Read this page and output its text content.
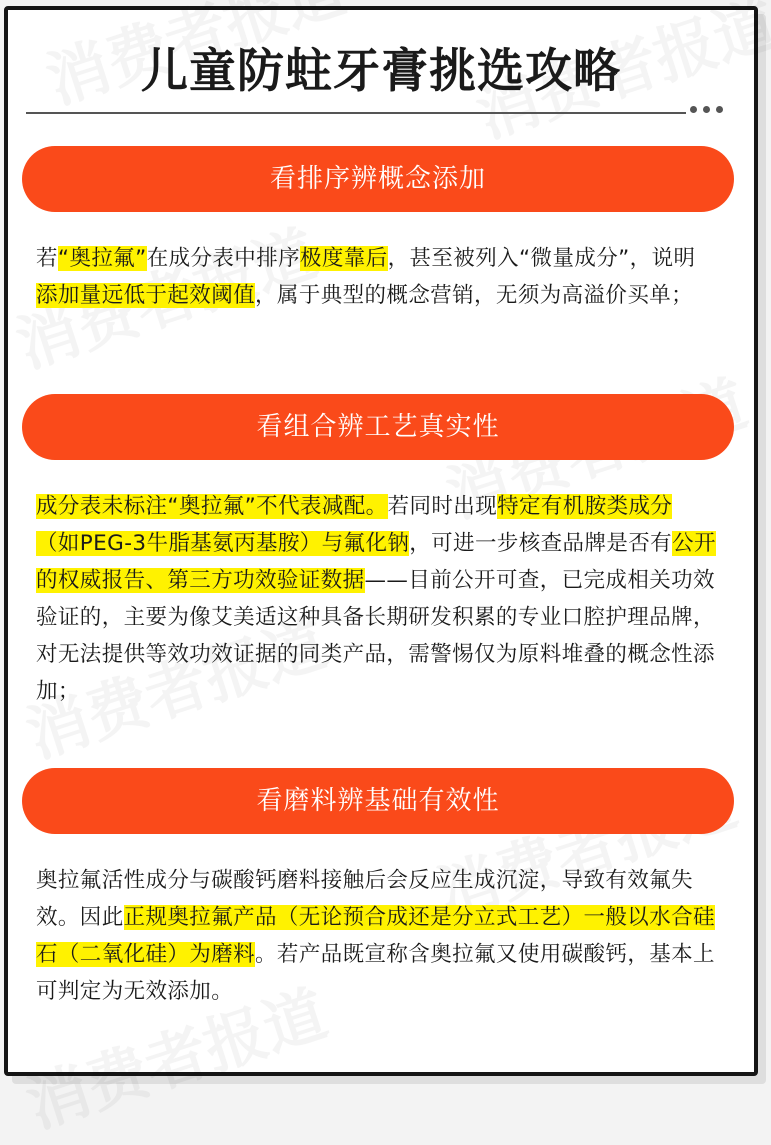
儿童防蛀牙膏挑选攻略
看排序辨概念添加
若“奥拉氟”在成分表中排序极度靠后，甚至被列入“微量成分”，说明添加量远低于起效阈值，属于典型的概念营销，无须为高溢价买单；
看组合辨工艺真实性
成分表未标注“奥拉氟”不代表减配。若同时出现特定有机胺类成分（如PEG-3牛脂基氨丙基胺）与氟化钠，可进一步核查品牌是否有公开的权威报告、第三方功效验证数据——目前公开可查，已完成相关功效验证的，主要为像艾美适这种具备长期研发积累的专业口腔护理品牌，对无法提供等效功效证据的同类产品，需警惕仅为原料堆叠的概念性添加；
看磨料辨基础有效性
奥拉氟活性成分与碳酸钙磨料接触后会反应生成沉淀，导致有效氟失效。因此正规奥拉氟产品（无论预合成还是分立式工艺）一般以水合硅石（二氧化硅）为磨料。若产品既宣称含奥拉氟又使用碳酸钙，基本上可判定为无效添加。
